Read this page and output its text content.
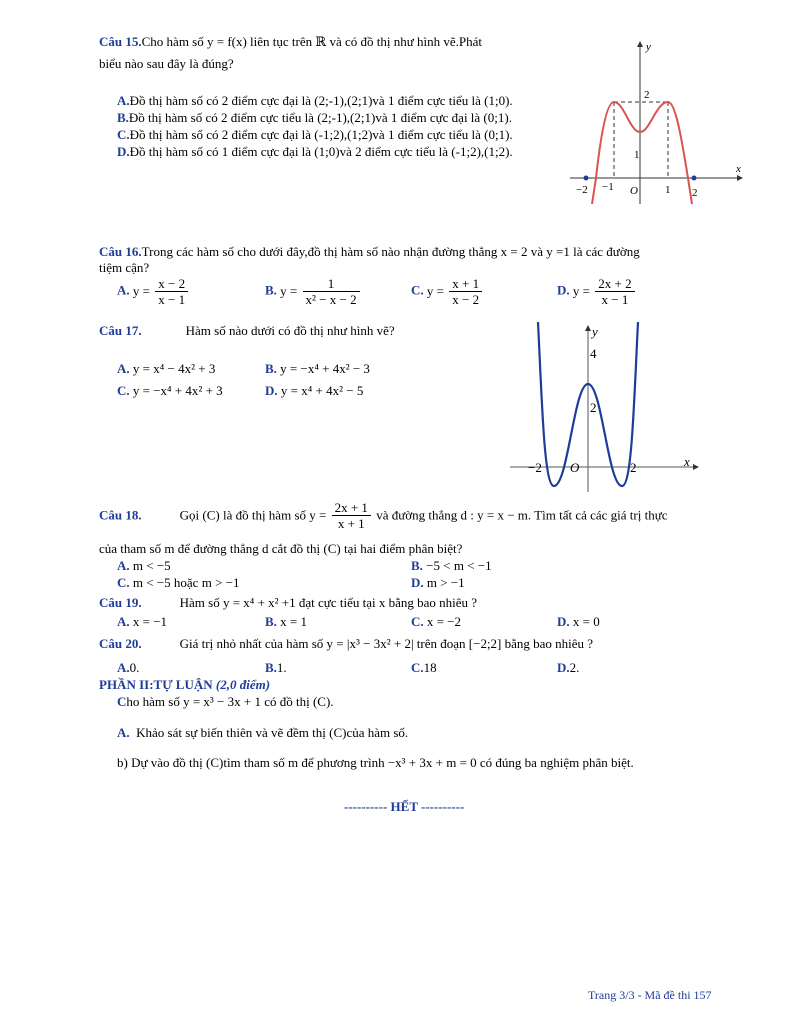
Câu 15.Cho hàm số y = f(x) liên tục trên ℝ và có đồ thị như hình vẽ.Phát
biểu nào sau đây là đúng?
A.Đồ thị hàm số có 2 điểm cực đại là (2;-1),(2;1)và 1 điểm cực tiểu là (1;0).
B.Đồ thị hàm số có 2 điểm cực tiểu là (2;-1),(2;1)và 1 điểm cực đại là (0;1).
C.Đồ thị hàm số có 2 điểm cực đại là (-1;2),(1;2)và 1 điểm cực tiểu là (0;1).
D.Đồ thị hàm số có 1 điểm cực đại là (1;0)và 2 điểm cực tiểu là (-1;2),(1;2).
y
x
−2 −1 O 1 2
2
1
Câu 16.Trong các hàm số cho dưới đây,đồ thị hàm số nào nhận đường thẳng x = 2 và y =1 là các đường
tiệm cận?
A. $y = \frac{x - 2}{x - 1}$	B. $y = \frac{1}{\text{x² − x − 2}}$	C. $y = \frac{x + 1}{x - 2}$	D. $y = \frac{2x + 2}{x - 1}$
Câu 17.	Hàm số nào dưới có đồ thị như hình vẽ?
A. y = x⁴ − 4x² + 3	B. y = −x⁴ + 4x² − 3
C. y = −x⁴ + 4x² + 3	D. y = x⁴ + 4x² − 5
y
x
−2 O	2
4
2
Câu 18.	Gọi (C) là đồ thị hàm số $y = \frac{2x + 1}{x + 1}$ và đường thẳng d : y = x − m. Tìm tất cả các giá trị thực
của tham số m để đường thẳng d cắt đồ thị (C) tại hai điểm phân biệt?
A. m < −5	B. −5 < m < −1
C. m < −5 hoặc m > −1	D. m > −1
Câu 19.	Hàm số y = x⁴ + x² +1 đạt cực tiểu tại x bằng bao nhiêu ?
A. x = −1	B. x = 1	C. x = −2	D. x = 0
Câu 20.	Giá trị nhỏ nhất của hàm số y = |x³ − 3x² + 2| trên đoạn [−2;2] bằng bao nhiêu ?
A.0.	B.1.	C.18	D.2.
PHẦN II:TỰ LUẬN (2,0 điểm)
Cho hàm số y = x³ − 3x + 1 có đồ thị (C).
A. Khảo sát sự biến thiên và vẽ đềm thị (C)của hàm số.
b) Dự vào đồ thị (C)tìm tham số m để phương trình −x³ + 3x + m = 0 có đúng ba nghiệm phân biệt.
---------- HẾT ----------
Trang 3/3 - Mã đề thi 157
